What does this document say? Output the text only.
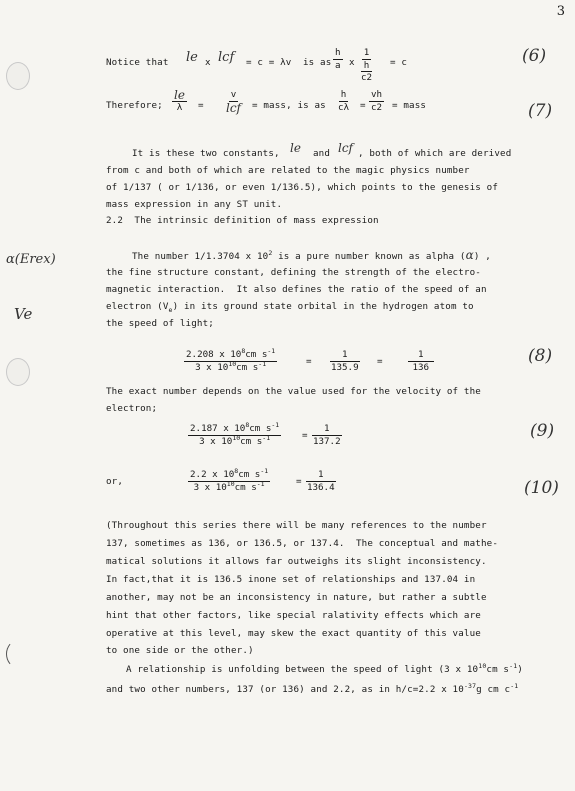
3
α(Erex)
Ve
Notice that le x lcf = c = λv is as $\frac{h}{a}$ x
1
h
c2
= c	(6)
Therefore;
le
λ =
v
lcf = mass, is as $\frac{h}{c\lambda} = \frac{vh}{c2}$ = mass	(7)
It is these two constants, le and lcf , both of which are derived
from c and both of which are related to the magic physics number
of 1/137 ( or 1/136, or even 1/136.5), which points to the genesis of
mass expression in any ST unit.
2.2  The intrinsic definition of mass expression
The number 1/1.3704 x $10^2$ is a pure number known as alpha (α) ,
the fine structure constant, defining the strength of the electro-
magnetic interaction.  It also defines the ratio of the speed of an
electron $(V_e)$ in its ground state orbital in the hydrogen atom to
the speed of light;
$\frac{2.208 x 10^8cm s^{-1}}{3 x 10^{10}cm s^{-1}}$	= $\frac{1}{135.9}$ =	$\frac{1}{136}$	(8)
The exact number depends on the value used for the velocity of the
electron;
$\frac{2.187 x 10^8cm s^{-1}}{3 x 10^{10}cm s^{-1}} = \frac{1}{137.2}$	(9)
or,	$\frac{2.2 x 10^8cm s^{-1}}{3 x 10^{10}cm s^{-1}}$	= $\frac{1}{136.4}$	(10)
(Throughout this series there will be many references to the number
137, sometimes as 136, or 136.5, or 137.4.  The conceptual and mathe-
matical solutions it allows far outweighs its slight inconsistency.
In fact,that it is 136.5 inone set of relationships and 137.04 in
another, may not be an inconsistency in nature, but rather a subtle
hint that other factors, like special ralativity effects which are
operative at this level, may skew the exact quantity of this value
to one side or the other.)
A relationship is unfolding between the speed of light (3 x $10^{10}cm$ $s^{-1}$)
and two other numbers, 137 (or 136) and 2.2, as in h/c=2.2 x $10^{-37}g$ cm $c^{-1}$
